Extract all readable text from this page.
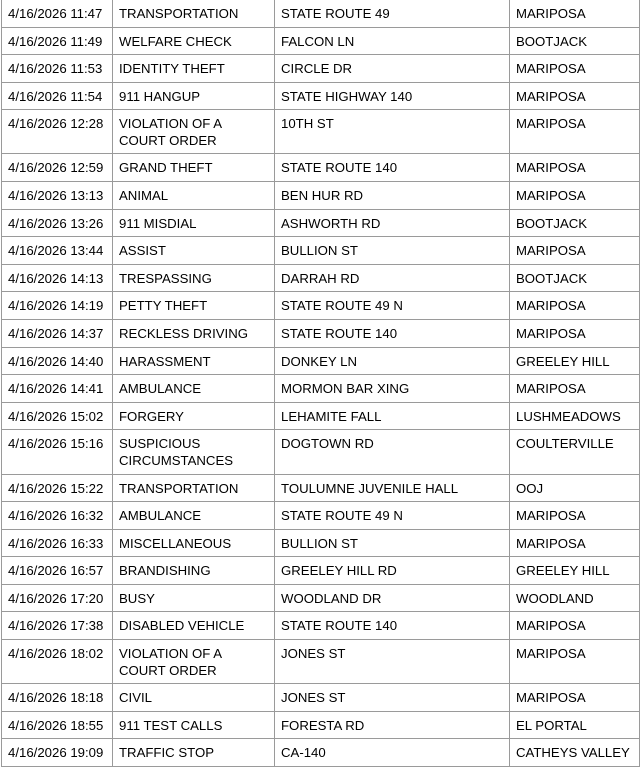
4/16/2026 11:47	TRANSPORTATION	STATE ROUTE 49	MARIPOSA
4/16/2026 11:49	WELFARE CHECK	FALCON LN	BOOTJACK
4/16/2026 11:53	IDENTITY THEFT	CIRCLE DR	MARIPOSA
4/16/2026 11:54	911 HANGUP	STATE HIGHWAY 140	MARIPOSA
4/16/2026 12:28	VIOLATION OF A COURT ORDER	10TH ST	MARIPOSA
4/16/2026 12:59	GRAND THEFT	STATE ROUTE 140	MARIPOSA
4/16/2026 13:13	ANIMAL	BEN HUR RD	MARIPOSA
4/16/2026 13:26	911 MISDIAL	ASHWORTH RD	BOOTJACK
4/16/2026 13:44	ASSIST	BULLION ST	MARIPOSA
4/16/2026 14:13	TRESPASSING	DARRAH RD	BOOTJACK
4/16/2026 14:19	PETTY THEFT	STATE ROUTE 49 N	MARIPOSA
4/16/2026 14:37	RECKLESS DRIVING	STATE ROUTE 140	MARIPOSA
4/16/2026 14:40	HARASSMENT	DONKEY LN	GREELEY HILL
4/16/2026 14:41	AMBULANCE	MORMON BAR XING	MARIPOSA
4/16/2026 15:02	FORGERY	LEHAMITE FALL	LUSHMEADOWS
4/16/2026 15:16	SUSPICIOUS CIRCUMSTANCES	DOGTOWN RD	COULTERVILLE
4/16/2026 15:22	TRANSPORTATION	TOULUMNE JUVENILE HALL	OOJ
4/16/2026 16:32	AMBULANCE	STATE ROUTE 49 N	MARIPOSA
4/16/2026 16:33	MISCELLANEOUS	BULLION ST	MARIPOSA
4/16/2026 16:57	BRANDISHING	GREELEY HILL RD	GREELEY HILL
4/16/2026 17:20	BUSY	WOODLAND DR	WOODLAND
4/16/2026 17:38	DISABLED VEHICLE	STATE ROUTE 140	MARIPOSA
4/16/2026 18:02	VIOLATION OF A COURT ORDER	JONES ST	MARIPOSA
4/16/2026 18:18	CIVIL	JONES ST	MARIPOSA
4/16/2026 18:55	911 TEST CALLS	FORESTA RD	EL PORTAL
4/16/2026 19:09	TRAFFIC STOP	CA-140	CATHEYS VALLEY
